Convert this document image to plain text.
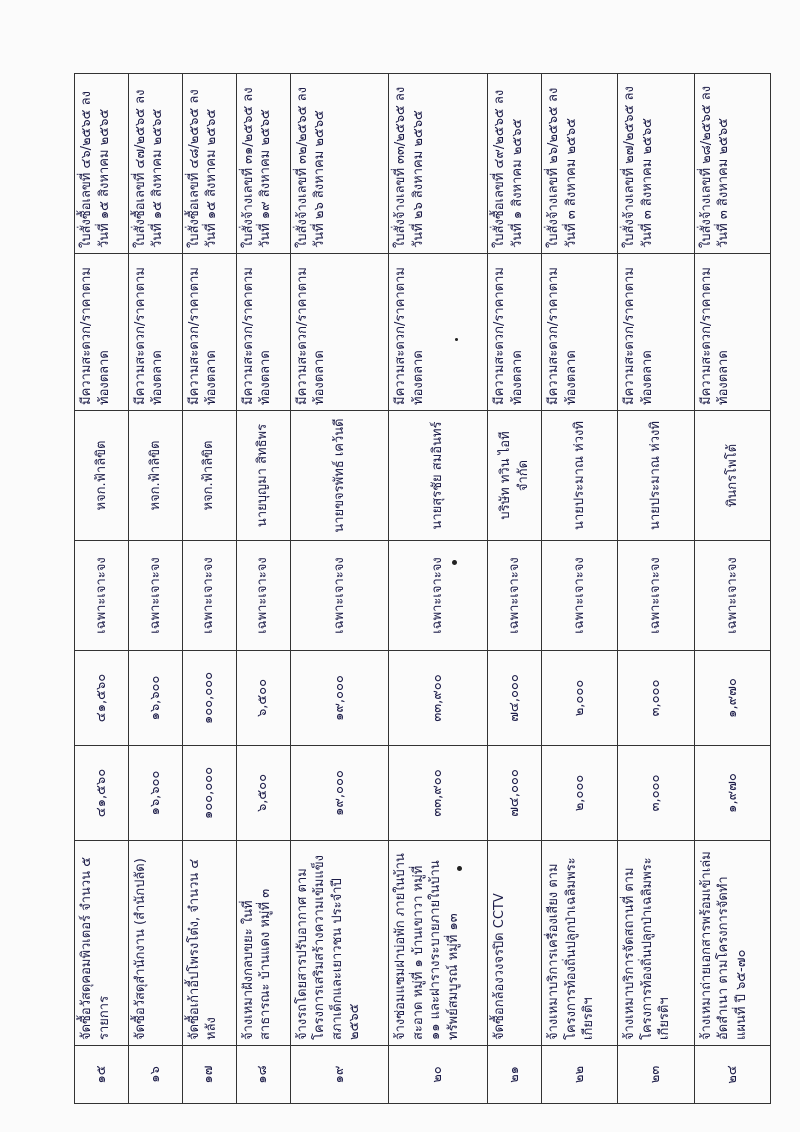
๑๕	จัดซื้อวัสดุคอมพิวเตอร์ จำนวน ๕ รายการ	๔๑,๕๖๐	๔๑,๕๖๐	เฉพาะเจาะจง	หจก.ฟ้าลิขิต	มีความสะดวก/ราคาตามท้องตลาด	ใบสั่งซื้อเลขที่ ๔๖/๒๕๖๕ ลงวันที่ ๑๕ สิงหาคม ๒๕๖๕
๑๖	จัดซื้อวัสดุสำนักงาน (สำนักปลัด)	๑๖,๖๐๐	๑๖,๖๐๐	เฉพาะเจาะจง	หจก.ฟ้าลิขิต	มีความสะดวก/ราคาตามท้องตลาด	ใบสั่งซื้อเลขที่ ๔๗/๒๕๖๕ ลงวันที่ ๑๕ สิงหาคม ๒๕๖๕
๑๗	จัดซื้อเก้าอี้ปโพรงโต๋ง, จำนวน ๔ หลัง	๑๐๐,๐๐๐	๑๐๐,๐๐๐	เฉพาะเจาะจง	หจก.ฟ้าลิขิต	มีความสะดวก/ราคาตามท้องตลาด	ใบสั่งซื้อเลขที่ ๔๘/๒๕๖๕ ลงวันที่ ๑๕ สิงหาคม ๒๕๖๕
๑๘	จ้างเหมาฝังกลบขยะ ในที่สาธารณะ บ้านแดง หมู่ที่ ๓	๖,๕๐๐	๖,๕๐๐	เฉพาะเจาะจง	นายบุญมา สิทธิพร	มีความสะดวก/ราคาตามท้องตลาด	ใบสั่งจ้างเลขที่ ๓๑/๒๕๖๕ ลงวันที่ ๑๙ สิงหาคม ๒๕๖๕
๑๙	จ้างรถโดยสารปรับอากาศ ตามโครงการเสริมสร้างความเข้มแข็งสภาเด็กและเยาวชน ประจำปี ๒๕๖๕	๑๙,๐๐๐	๑๙,๐๐๐	เฉพาะเจาะจง	นายขจรพัทธ์ เคว้นดี	มีความสะดวก/ราคาตามท้องตลาด	ใบสั่งจ้างเลขที่ ๓๒/๒๕๖๕ ลงวันที่ ๒๖ สิงหาคม ๒๕๖๕
๒๐	จ้างซ่อมแซมฝาบ่อพัก ภายในบ้านสะอาด หมู่ที่ ๑ บ้านเขาวา หมู่ที่ ๑๑ และฝารางระบายภายในบ้านทรัพย์สมบูรณ์ หมู่ที่ ๑๓	๓๓,๙๐๐	๓๓,๙๐๐	เฉพาะเจาะจง	นายสุรชัย สมอินทร์	มีความสะดวก/ราคาตามท้องตลาด	ใบสั่งจ้างเลขที่ ๓๓/๒๕๖๕ ลงวันที่ ๒๖ สิงหาคม ๒๕๖๕
๒๑	จัดซื้อกล้องวงจรปิด CCTV	๗๔,๐๐๐	๗๔,๐๐๐	เฉพาะเจาะจง	บริษัท ทวิน ไอที จำกัด	มีความสะดวก/ราคาตามท้องตลาด	ใบสั่งซื้อเลขที่ ๔๙/๒๕๖๕ ลงวันที่ ๑ สิงหาคม ๒๕๖๕
๒๒	จ้างเหมาบริการเครื่องเสียง ตามโครงการท้องถิ่นปลูกป่าเฉลิมพระเกียรติฯ	๒,๐๐๐	๒,๐๐๐	เฉพาะเจาะจง	นายประมาณ ห่วงทิ	มีความสะดวก/ราคาตามท้องตลาด	ใบสั่งจ้างเลขที่ ๒๖/๒๕๖๕ ลงวันที่ ๓ สิงหาคม ๒๕๖๕
๒๓	จ้างเหมาบริการจัดสถานที่ ตามโครงการท้องถิ่นปลูกป่าเฉลิมพระเกียรติฯ	๓,๐๐๐	๓,๐๐๐	เฉพาะเจาะจง	นายประมาณ ห่วงทิ	มีความสะดวก/ราคาตามท้องตลาด	ใบสั่งจ้างเลขที่ ๒๗/๒๕๖๕ ลงวันที่ ๓ สิงหาคม ๒๕๖๕
๒๔	จ้างเหมาถ่ายเอกสารพร้อมเข้าเล่ม อัดสำเนา ตามโครงการจัดทำแผนที่ ปี ๖๕-๗๐	๑,๙๗๐	๑,๙๗๐	เฉพาะเจาะจง	ทินกรโพโต้	มีความสะดวก/ราคาตามท้องตลาด	ใบสั่งจ้างเลขที่ ๒๘/๒๕๖๕ ลงวันที่ ๓ สิงหาคม ๒๕๖๕
